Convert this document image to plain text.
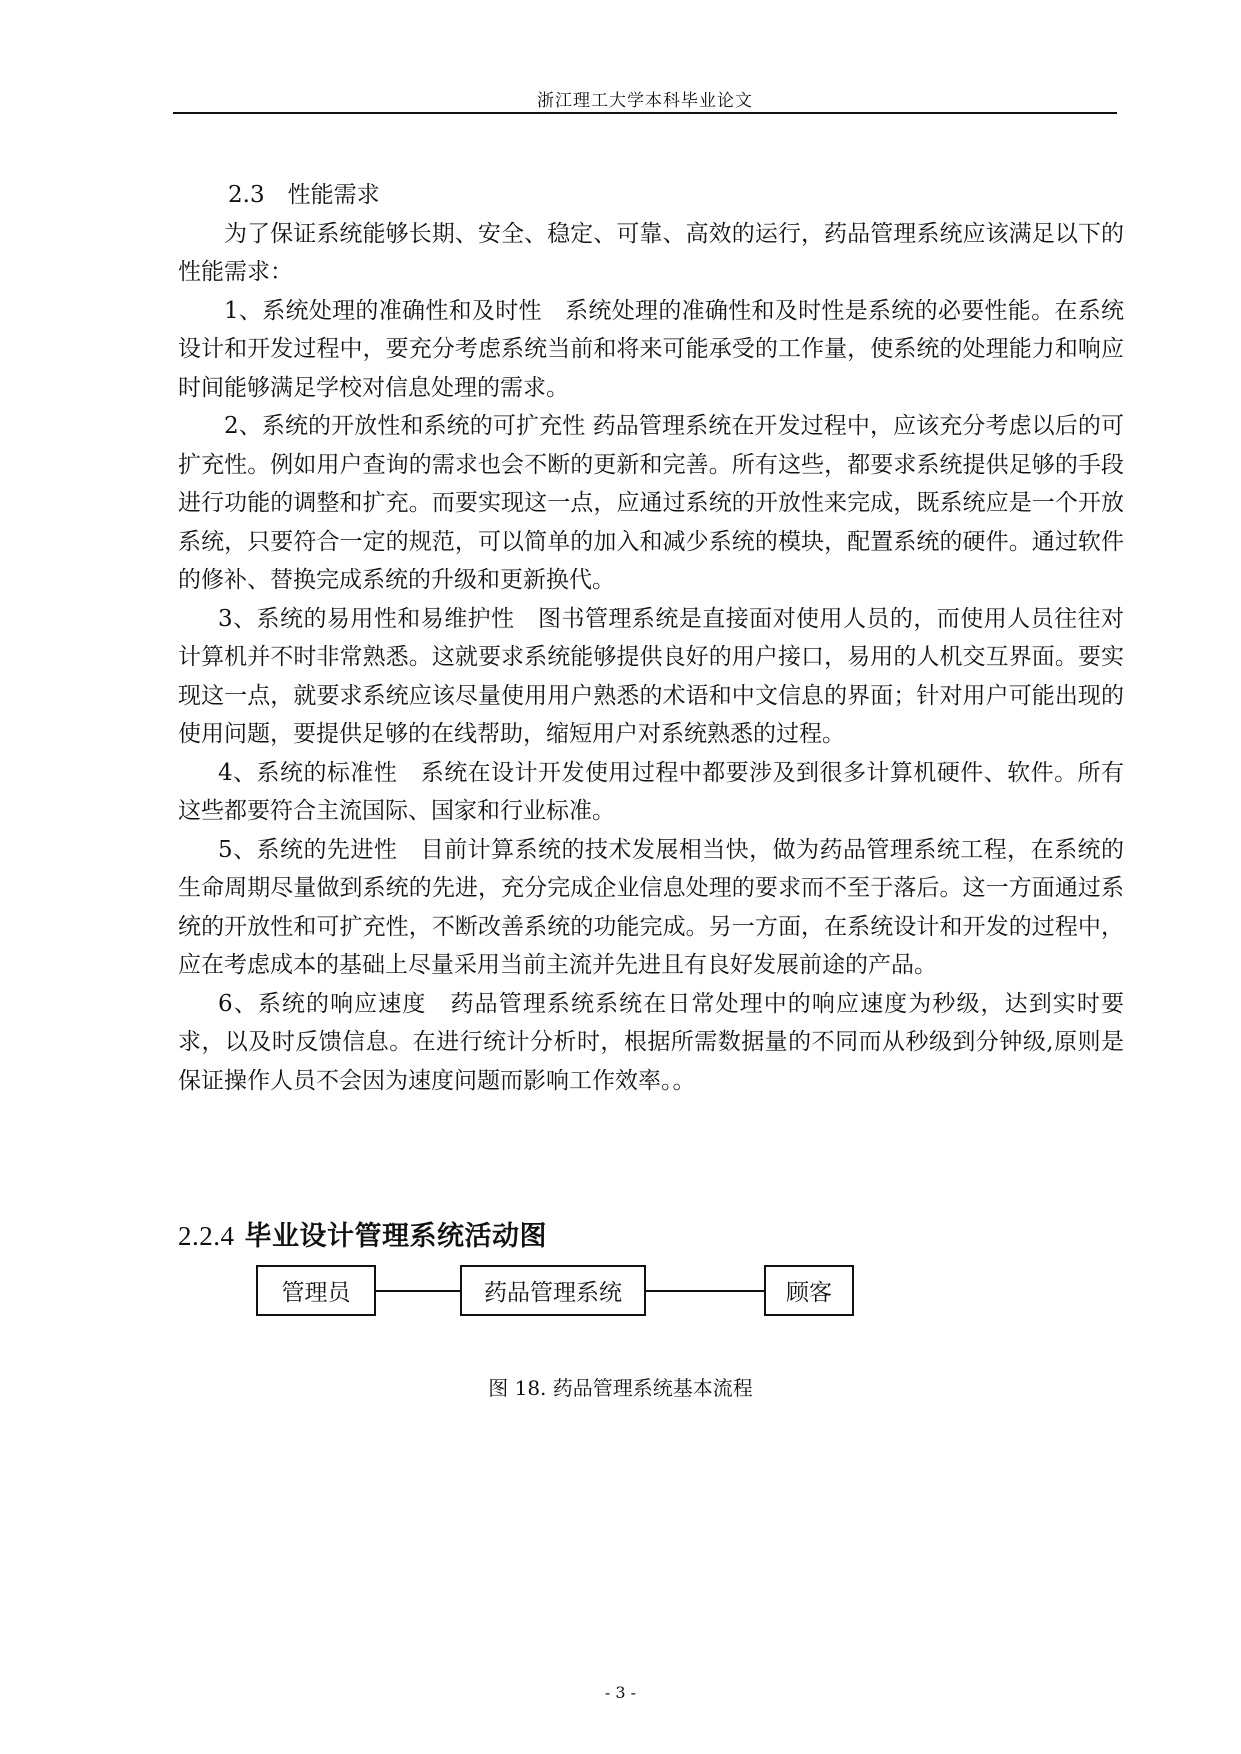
浙江理工大学本科毕业论文

2.3　性能需求

为了保证系统能够长期、安全、稳定、可靠、高效的运行，药品管理系统应该满足以下的性能需求：

1、系统处理的准确性和及时性　系统处理的准确性和及时性是系统的必要性能。在系统设计和开发过程中，要充分考虑系统当前和将来可能承受的工作量，使系统的处理能力和响应时间能够满足学校对信息处理的需求。

2、系统的开放性和系统的可扩充性 药品管理系统在开发过程中，应该充分考虑以后的可扩充性。例如用户查询的需求也会不断的更新和完善。所有这些，都要求系统提供足够的手段进行功能的调整和扩充。而要实现这一点，应通过系统的开放性来完成，既系统应是一个开放系统，只要符合一定的规范，可以简单的加入和减少系统的模块，配置系统的硬件。通过软件的修补、替换完成系统的升级和更新换代。

3、系统的易用性和易维护性　图书管理系统是直接面对使用人员的，而使用人员往往对计算机并不时非常熟悉。这就要求系统能够提供良好的用户接口，易用的人机交互界面。要实现这一点，就要求系统应该尽量使用用户熟悉的术语和中文信息的界面；针对用户可能出现的使用问题，要提供足够的在线帮助，缩短用户对系统熟悉的过程。

4、系统的标准性　系统在设计开发使用过程中都要涉及到很多计算机硬件、软件。所有这些都要符合主流国际、国家和行业标准。

5、系统的先进性　目前计算系统的技术发展相当快，做为药品管理系统工程，在系统的生命周期尽量做到系统的先进，充分完成企业信息处理的要求而不至于落后。这一方面通过系统的开放性和可扩充性，不断改善系统的功能完成。另一方面，在系统设计和开发的过程中，应在考虑成本的基础上尽量采用当前主流并先进且有良好发展前途的产品。

6、系统的响应速度　药品管理系统系统在日常处理中的响应速度为秒级，达到实时要求，以及时反馈信息。在进行统计分析时，根据所需数据量的不同而从秒级到分钟级,原则是保证操作人员不会因为速度问题而影响工作效率。。

2.2.4 毕业设计管理系统活动图
管理员	药品管理系统	顾客
图 18. 药品管理系统基本流程
- 3 -
